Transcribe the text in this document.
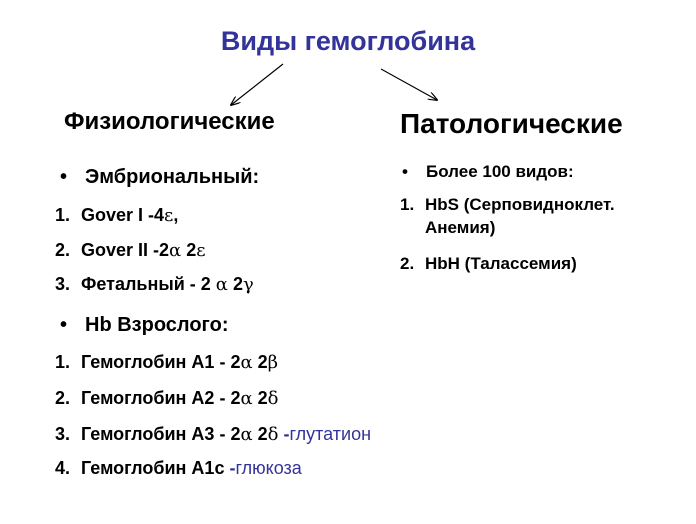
Виды гемоглобина
Физиологические
• Эмбриональный:
1. Gover I -4ε,
2. Gover II -2α 2ε
3. Фетальный - 2 α 2γ
• Hb Взрослого:
1. Гемоглобин А1 - 2α 2β
2. Гемоглобин А2 - 2α 2δ
3. Гемоглобин А3 - 2α 2δ -глутатион
4. Гемоглобин А1с -глюкоза
Патологические
• Более 100 видов:
1. HbS (Серповидноклет. Анемия)
2. HbH (Талассемия)
